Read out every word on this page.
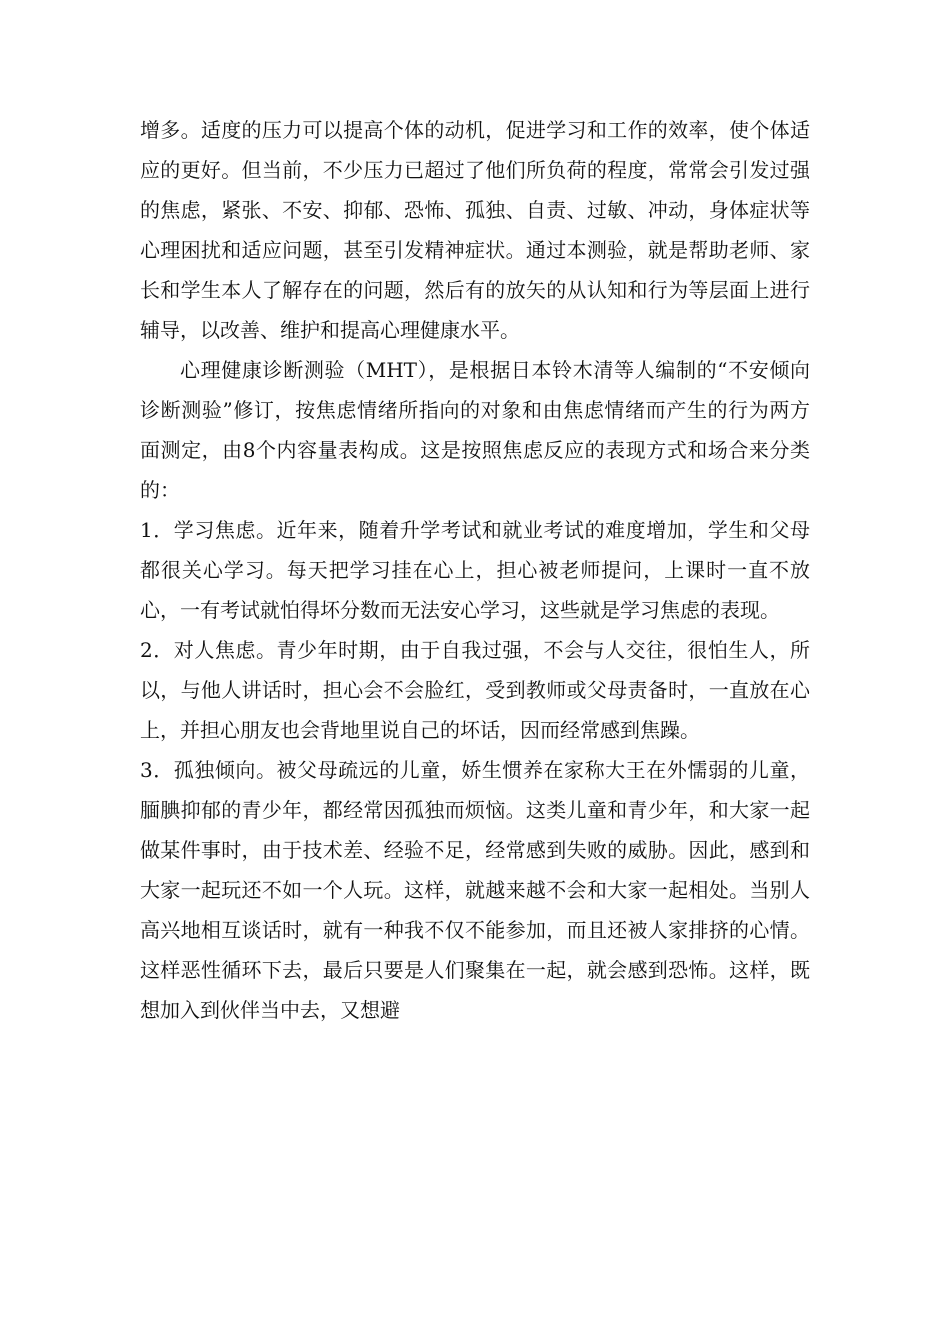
增多。适度的压力可以提高个体的动机，促进学习和工作的效率，使个体适应的更好。但当前，不少压力已超过了他们所负荷的程度，常常会引发过强的焦虑，紧张、不安、抑郁、恐怖、孤独、自责、过敏、冲动，身体症状等心理困扰和适应问题，甚至引发精神症状。通过本测验，就是帮助老师、家长和学生本人了解存在的问题，然后有的放矢的从认知和行为等层面上进行辅导，以改善、维护和提高心理健康水平。

心理健康诊断测验（MHT），是根据日本铃木清等人编制的“不安倾向诊断测验”修订，按焦虑情绪所指向的对象和由焦虑情绪而产生的行为两方面测定，由8个内容量表构成。这是按照焦虑反应的表现方式和场合来分类的：

1．学习焦虑。近年来，随着升学考试和就业考试的难度增加，学生和父母都很关心学习。每天把学习挂在心上，担心被老师提问，上课时一直不放心，一有考试就怕得坏分数而无法安心学习，这些就是学习焦虑的表现。

2．对人焦虑。青少年时期，由于自我过强，不会与人交往，很怕生人，所以，与他人讲话时，担心会不会脸红，受到教师或父母责备时，一直放在心上，并担心朋友也会背地里说自己的坏话，因而经常感到焦躁。

3．孤独倾向。被父母疏远的儿童，娇生惯养在家称大王在外懦弱的儿童，腼腆抑郁的青少年，都经常因孤独而烦恼。这类儿童和青少年，和大家一起做某件事时，由于技术差、经验不足，经常感到失败的威胁。因此，感到和大家一起玩还不如一个人玩。这样，就越来越不会和大家一起相处。当别人高兴地相互谈话时，就有一种我不仅不能参加，而且还被人家排挤的心情。这样恶性循环下去，最后只要是人们聚集在一起，就会感到恐怖。这样，既想加入到伙伴当中去，又想避
